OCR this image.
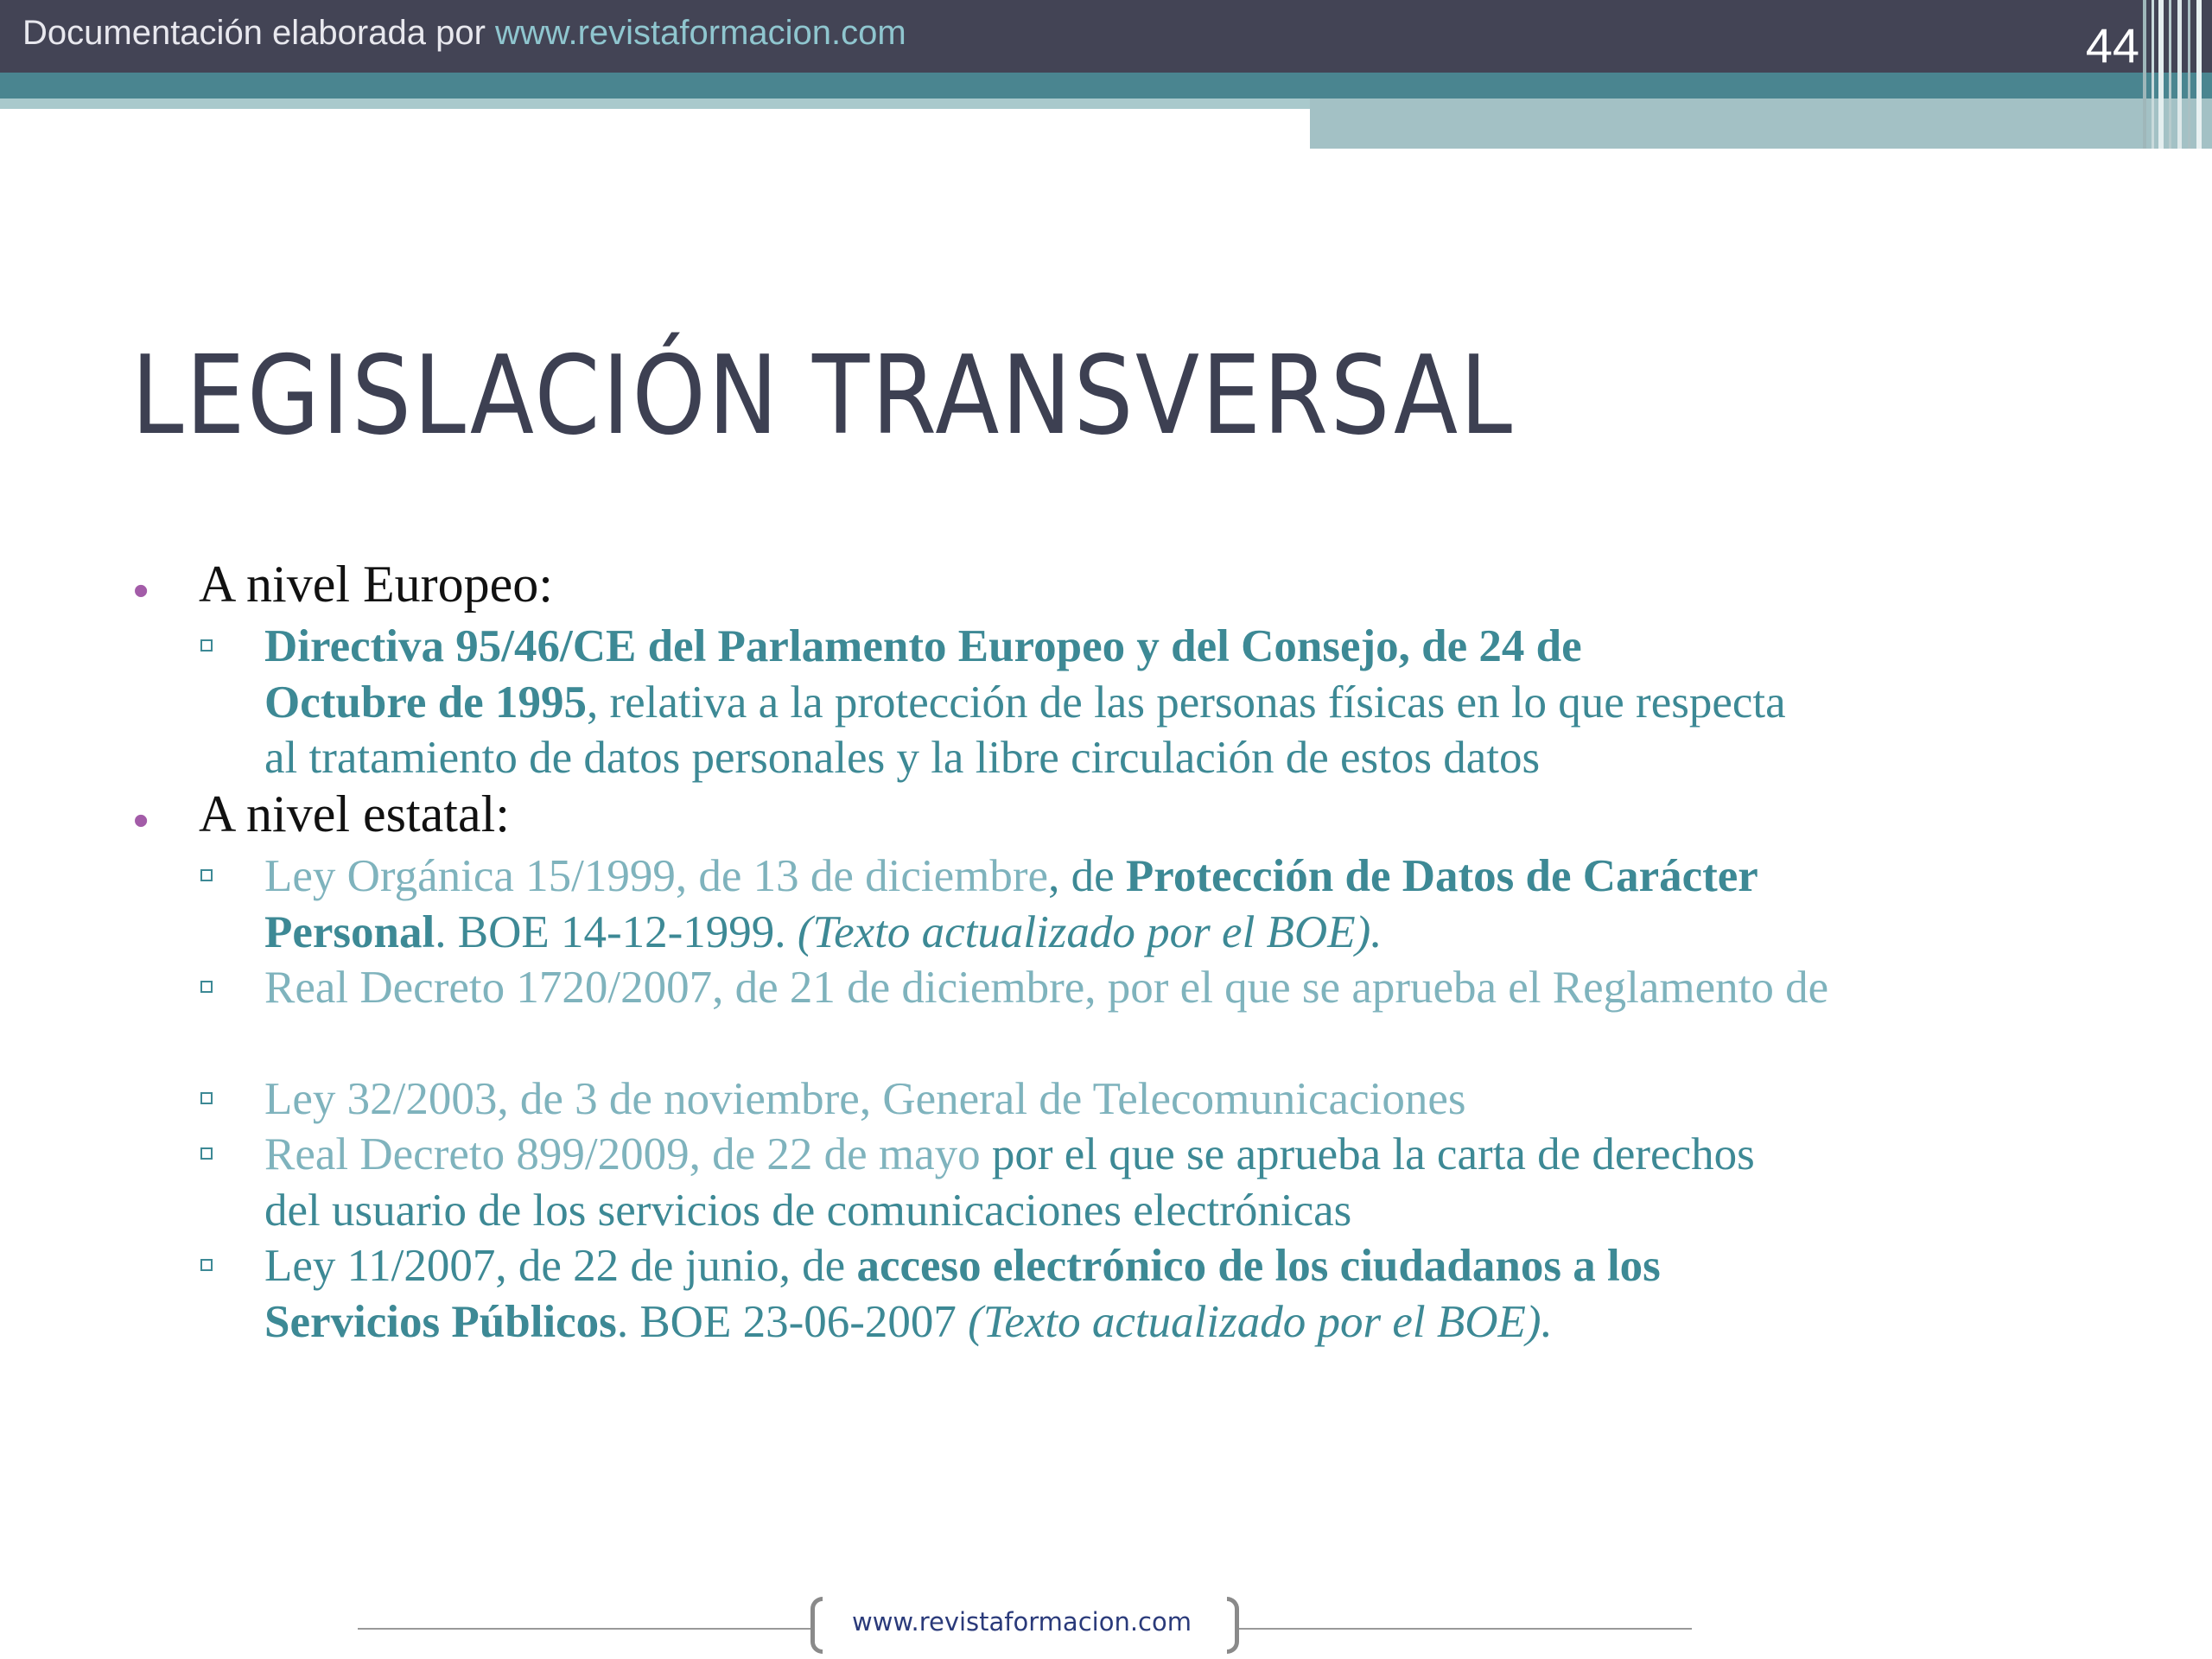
Documentación elaborada por www.revistaformacion.com	44
LEGISLACIÓN TRANSVERSAL
• A nivel Europeo:
Directiva 95/46/CE del Parlamento Europeo y del Consejo, de 24 de
Octubre de 1995, relativa a la protección de las personas físicas en lo que respecta
al tratamiento de datos personales y la libre circulación de estos datos
• A nivel estatal:
Ley Orgánica 15/1999, de 13 de diciembre, de Protección de Datos de Carácter
Personal. BOE 14-12-1999. (Texto actualizado por el BOE).
Real Decreto 1720/2007, de 21 de diciembre, por el que se aprueba el Reglamento de
Ley 32/2003, de 3 de noviembre, General de Telecomunicaciones
Real Decreto 899/2009, de 22 de mayo por el que se aprueba la carta de derechos
del usuario de los servicios de comunicaciones electrónicas
Ley 11/2007, de 22 de junio, de acceso electrónico de los ciudadanos a los
Servicios Públicos. BOE 23-06-2007 (Texto actualizado por el BOE).
www.revistaformacion.com
